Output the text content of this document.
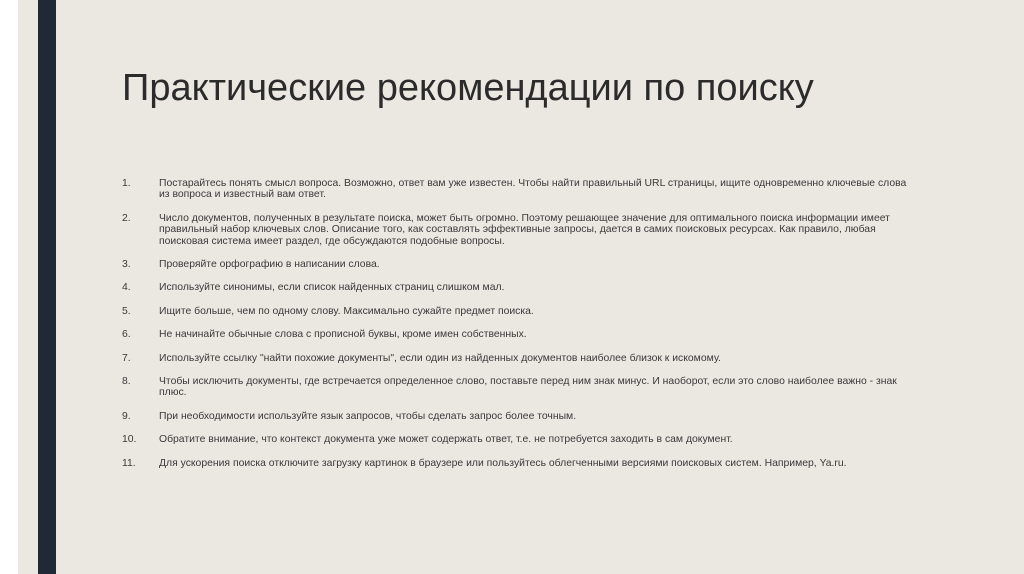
Практические рекомендации по поиску
1.	Постарайтесь понять смысл вопроса. Возможно, ответ вам уже известен. Чтобы найти правильный URL страницы, ищите одновременно ключевые слова из вопроса и известный вам ответ.
2.	Число документов, полученных в результате поиска, может быть огромно. Поэтому решающее значение для оптимального поиска информации имеет правильный набор ключевых слов. Описание того, как составлять эффективные запросы, дается в самих поисковых ресурсах. Как правило, любая поисковая система имеет раздел, где обсуждаются подобные вопросы.
3.	Проверяйте орфографию в написании слова.
4.	Используйте синонимы, если список найденных страниц слишком мал.
5.	Ищите больше, чем по одному слову. Максимально сужайте предмет поиска.
6.	Не начинайте обычные слова с прописной буквы, кроме имен собственных.
7.	Используйте ссылку "найти похожие документы", если один из найденных документов наиболее близок к искомому.
8.	Чтобы исключить документы, где встречается определенное слово, поставьте перед ним знак минус. И наоборот, если это слово наиболее важно - знак плюс.
9.	При необходимости используйте язык запросов, чтобы сделать запрос более точным.
10. Обратите внимание, что контекст документа уже может содержать ответ, т.е. не потребуется заходить в сам документ.
11. Для ускорения поиска отключите загрузку картинок в браузере или пользуйтесь облегченными версиями поисковых систем. Например, Ya.ru.
